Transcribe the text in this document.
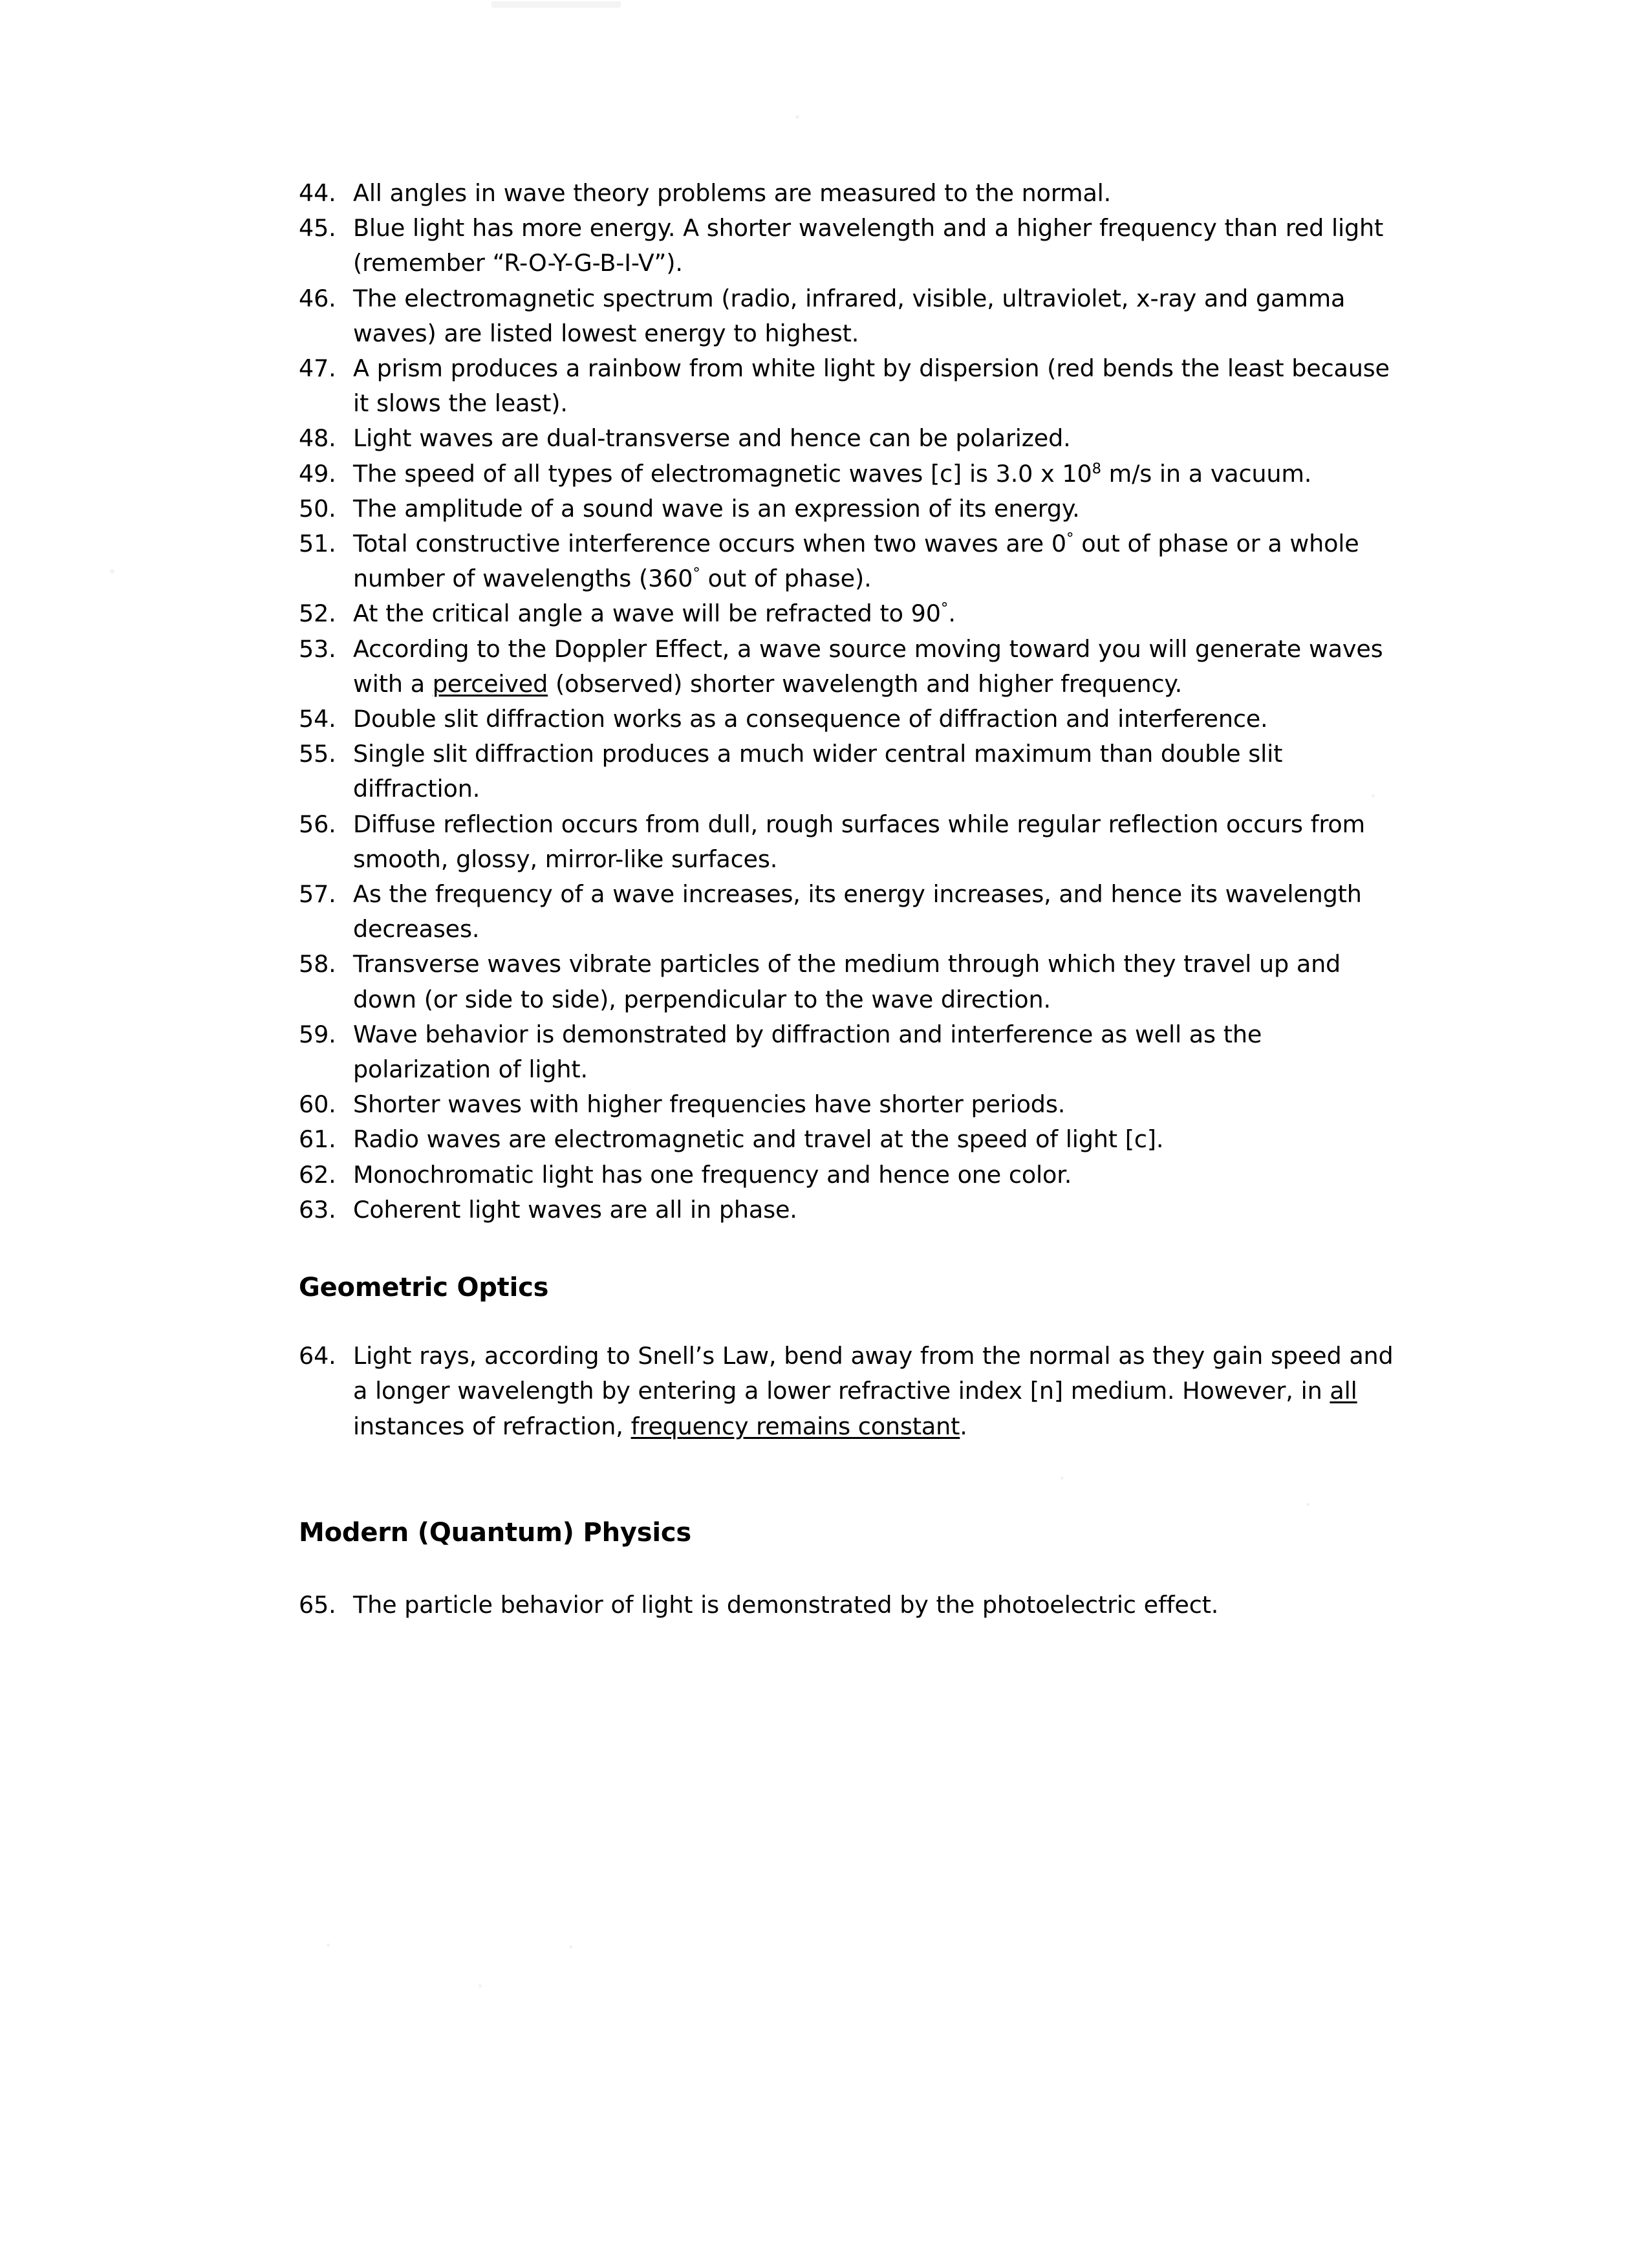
44. All angles in wave theory problems are measured to the normal.
45. Blue light has more energy. A shorter wavelength and a higher frequency than red light (remember “R-O-Y-G-B-I-V”).
46. The electromagnetic spectrum (radio, infrared, visible, ultraviolet, x-ray and gamma waves) are listed lowest energy to highest.
47. A prism produces a rainbow from white light by dispersion (red bends the least because it slows the least).
48. Light waves are dual-transverse and hence can be polarized.
49. The speed of all types of electromagnetic waves [c] is 3.0 x $10^8$ m/s in a vacuum.
50. The amplitude of a sound wave is an expression of its energy.
51. Total constructive interference occurs when two waves are 0° out of phase or a whole number of wavelengths (360° out of phase).
52. At the critical angle a wave will be refracted to 90°.
53. According to the Doppler Effect, a wave source moving toward you will generate waves with a perceived (observed) shorter wavelength and higher frequency.
54. Double slit diffraction works as a consequence of diffraction and interference.
55. Single slit diffraction produces a much wider central maximum than double slit diffraction.
56. Diffuse reflection occurs from dull, rough surfaces while regular reflection occurs from smooth, glossy, mirror-like surfaces.
57. As the frequency of a wave increases, its energy increases, and hence its wavelength decreases.
58. Transverse waves vibrate particles of the medium through which they travel up and down (or side to side), perpendicular to the wave direction.
59. Wave behavior is demonstrated by diffraction and interference as well as the polarization of light.
60. Shorter waves with higher frequencies have shorter periods.
61. Radio waves are electromagnetic and travel at the speed of light [c].
62. Monochromatic light has one frequency and hence one color.
63. Coherent light waves are all in phase.
Geometric Optics
64. Light rays, according to Snell’s Law, bend away from the normal as they gain speed and a longer wavelength by entering a lower refractive index [n] medium. However, in all instances of refraction, frequency remains constant.
Modern (Quantum) Physics
65. The particle behavior of light is demonstrated by the photoelectric effect.
